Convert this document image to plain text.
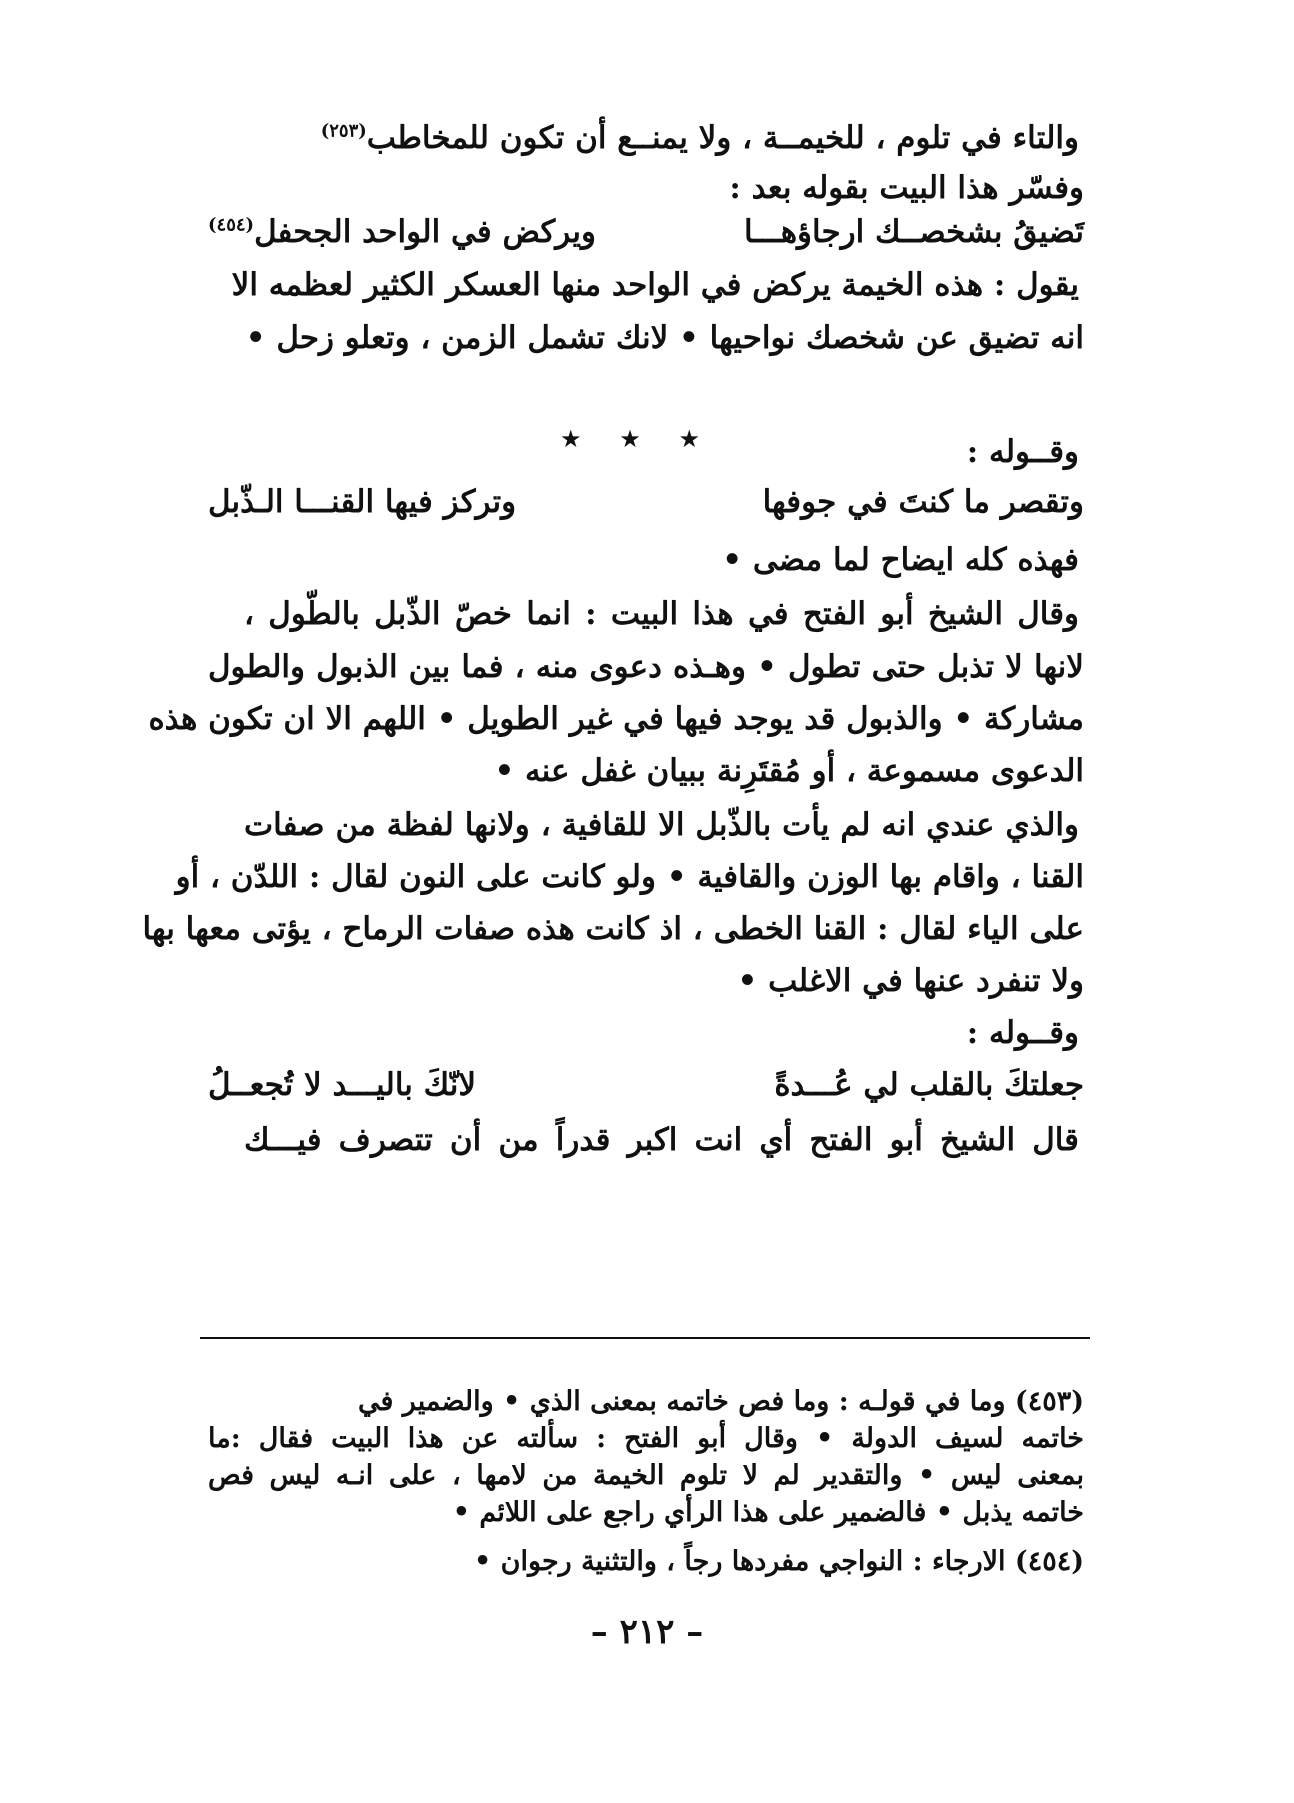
والتاء في تلوم ، للخيمــة ، ولا يمنــع أن تكون للمخاطب$^{(٢٥٣)}$
وفسّر هذا البيت بقوله بعد :
تَضيقُ بشخصــك ارجاؤهـــا
ويركض في الواحد الجحفل$^{(٤٥٤)}$
يقول : هذه الخيمة يركض في الواحد منها العسكر الكثير لعظمه الا
انه تضيق عن شخصك نواحيها • لانك تشمل الزمن ، وتعلو زحل •
★ ★ ★	وقــوله :
وتقصر ما كنتَ في جوفها
وتركز فيها القنـــا الـذّبل
فهذه كله ايضاح لما مضى •
وقال الشيخ أبو الفتح في هذا البيت : انما خصّ الذّبل بالطّول ،
لانها لا تذبل حتى تطول • وهـذه دعوى منه ، فما بين الذبول والطول
مشاركة • والذبول قد يوجد فيها في غير الطويل • اللهم الا ان تكون هذه
الدعوى مسموعة ، أو مُقتَرِنة ببيان غفل عنه •
والذي عندي انه لم يأت بالذّبل الا للقافية ، ولانها لفظة من صفات
القنا ، واقام بها الوزن والقافية • ولو كانت على النون لقال : اللدّن ، أو
على الياء لقال : القنا الخطى ، اذ كانت هذه صفات الرماح ، يؤتى معها بها
ولا تنفرد عنها في الاغلب •
وقــوله :
جعلتكَ بالقلب لي عُـــدةً
لانّكَ باليـــد لا تُجعــلُ
قال الشيخ أبو الفتح أي انت اكبر قدراً من أن تتصرف فيـــك
(٤٥٣) وما في قولـه : وما فص خاتمه بمعنى الذي • والضمير في
خاتمه لسيف الدولة • وقال أبو الفتح : سألته عن هذا البيت فقال :ما
بمعنى ليس • والتقدير لم لا تلوم الخيمة من لامها ، على انـه ليس فص
خاتمه يذبل • فالضمير على هذا الرأي راجع على اللائم •
(٤٥٤) الارجاء : النواجي مفردها رجاً ، والتثنية رجوان •
– ٢١٢ –
